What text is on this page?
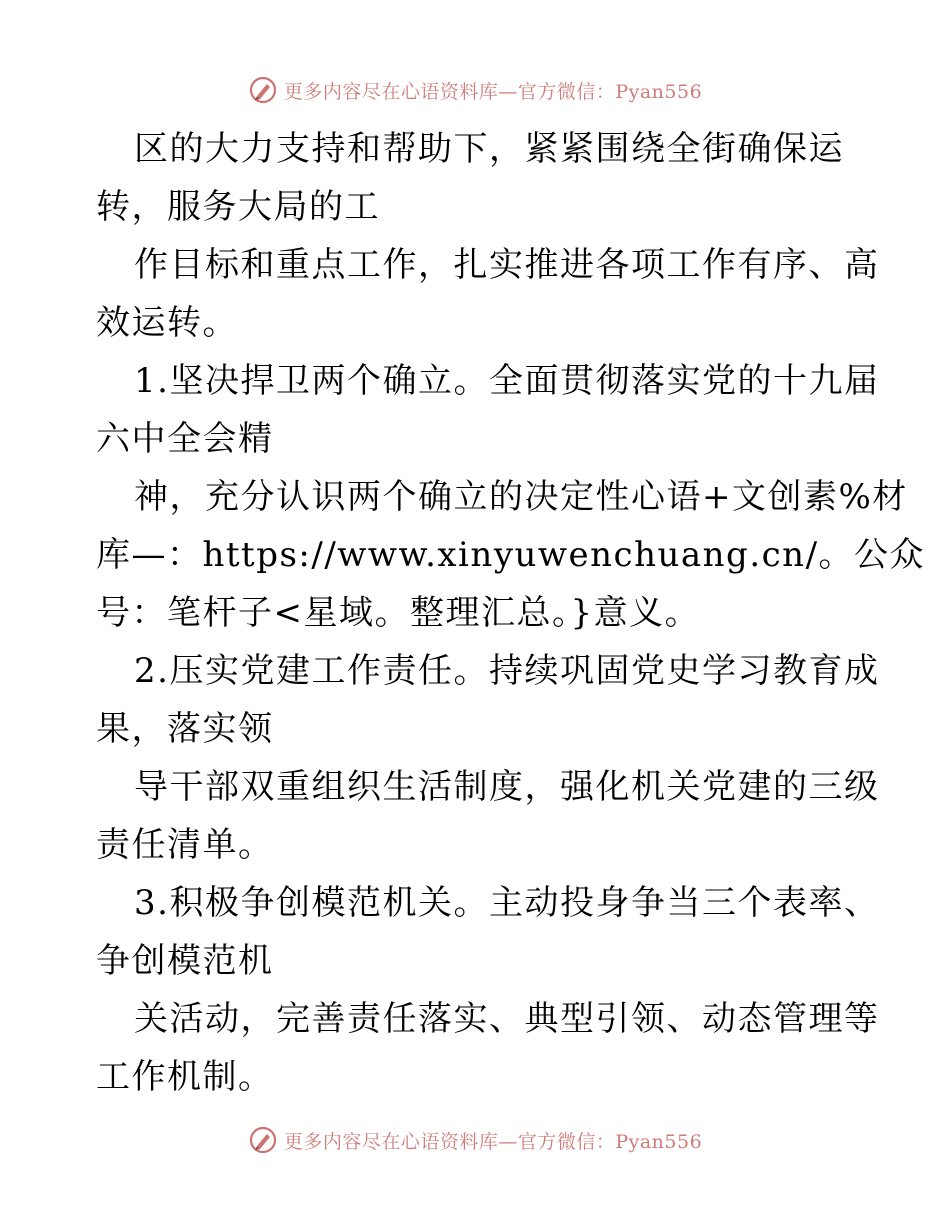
更多内容尽在心语资料库—官方微信：Pyan556
区的大力支持和帮助下，紧紧围绕全街确保运
转，服务大局的工
作目标和重点工作，扎实推进各项工作有序、高
效运转。
1.坚决捍卫两个确立。全面贯彻落实党的十九届
六中全会精
神，充分认识两个确立的决定性心语+文创素%材
库—：https://www.xinyuwenchuang.cn/。公众
号：笔杆子<星域。整理汇总。}意义。
2.压实党建工作责任。持续巩固党史学习教育成
果，落实领
导干部双重组织生活制度，强化机关党建的三级
责任清单。
3.积极争创模范机关。主动投身争当三个表率、
争创模范机
关活动，完善责任落实、典型引领、动态管理等
工作机制。
更多内容尽在心语资料库—官方微信：Pyan556
